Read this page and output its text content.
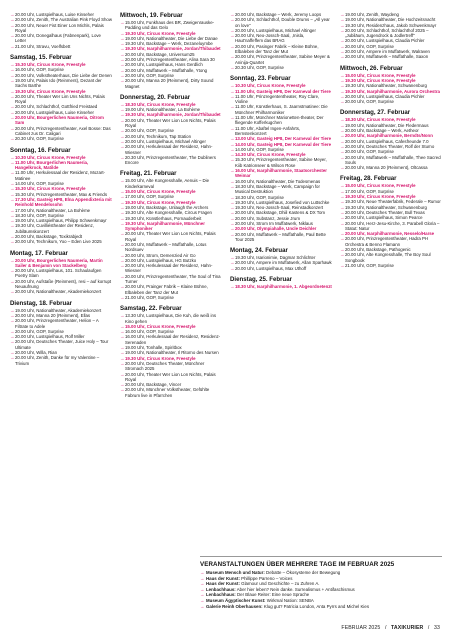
→ 20.00 Uhr, Lustspielhaus, Luise Kinseher
→ 20.00 Uhr, Zenith, The Australian Pink Floyd Show
→ 20.00 Uhr, Neuer Fist Einer Lon Michls, Palais Royal
→ 20.00 Uhr, Donegalhaus (Fabnenpark), Love Letter
→ 21.00 Uhr, Stravu, Voelfsbett
Samstag, 15. Februar
→ 15.30 Uhr, Circus Krone, Freestyle
→ 16.00 Uhr, GOP, Surprise
→ 20.00 Uhr, Volkstheaterhaus, Die Liebe der Denen
→ 19.00 Uhr, Palais Ido (Reinment), Dezant der Sachs Barthe
→ 19.30 Uhr, Circus Krone, Freestyle
→ 20.00 Uhr, Theater Wer Lim Uns Nichts, Palais Royal
→ 20.00 Uhr, Schlachthof, Gottfried Freistaed
→ 20.00 Uhr, Lustspielhaus, Luise Kinseher
→ 20.00 Uhr, Bourgerlichen Naumeria, Oitrom Sam
→ 20.00 Uhr, Prinzregententheater, Axel Bosse: Das Cabinet zus Dr. Caligari
→ 20.30 Uhr, GOP, Surprise
Sonntag, 16. Februar
→ 10.30 Uhr, Circus Krone, Freestyle
→ 11.00 Uhr, Bourgerlichen Naumeria, Hangelkrock, Matilde
→ 11.00 Uhr, Herkulessaal der Residenz, Mozart-Matinee
→ 14.00 Uhr, GOP, Surprise
→ 15.30 Uhr, Circus Krone, Freestyle
→ 15.30 Uhr, Prinzregententheater, Max & Friends
→ 17.30 Uhr, Gasteig HP8, Elna Appendixteria mit Reinhold Mendelssohn
→ 17.00 Uhr, Nationaltheater, La Bohème
→ 18.30 Uhr, GOP, Surprise
→ 19.00 Uhr, Lustspielhaus, Philipp Schwenkmayr
→ 19.30 Uhr, Cuvilliéstheater der Residenz, Jubiläumskonzert
→ 20.00 Uhr, Backstage, Toxikrabjedt
→ 20.00 Uhr, Technikum, Yoo – Eden Live 2025
Montag, 17. Februar
→ 20.00 Uhr, Bourgerlichen Naumeria, Martin Sailer & Benjamin von Stackelberg
→ 20.00 Uhr, Lustspielhaus, 101. Schaulaufgen Poetry Slam
→ 20.00 Uhr, Aufstaße (Reinment), resi – auf korrupt Neuaufnung
→ 20.00 Uhr, Nationaltheater, Akademiekonzert
Dienstag, 18. Februar
→ 19.00 Uhr, Nationaltheater, Akademiekonzert
→ 20.00 Uhr, Manna 20 (Reinment), Ellas
→ 20.00 Uhr, Prinzregententheater, Helion – A Filtrate to Adele
→ 20.00 Uhr, GOP, Surprise
→ 20.00 Uhr, Lustspielhaus, Rolf Miller
→ 20.00 Uhr, Deutsches Theater, Juice Holy – Tour Ultimate
→ 20.00 Uhr, Willa, Rian
→ 20.00 Uhr, Zenith, Danke für my Valentine – Trivium
Mittwoch, 19. Februar
→ 15.00 Uhr, Funkhaus des BR, Zweigenrauske-Padding und das Gelo
→ 19.30 Uhr, Circus Krone, Freestyle
→ 19.00 Uhr, Nationaltheater, Die Liebe der Danae
→ 19.30 Uhr, Backstage – Werk, Dezaneluymbe
→ 19.30 Uhr, Isarphilharmonie, Jordan/Thibaudet
→ 20.00 Uhr, Backstage, Universum25
→ 20.00 Uhr, Prinzregententheater, Alina Sara 30
→ 20.00 Uhr, Lustspielhaus, Hans Gerdlich
→ 20.00 Uhr, Muffatwerk – Muffathalle, Ytong
→ 20.00 Uhr, GOP, Surprise
→ 20.00 Uhr, Manna 20 (Reinment), Dirty Sound Magnet
Donnerstag, 20. Februar
→ 18.30 Uhr, Circus Krone, Freestyle
→ 19.00 Uhr, Nationaltheater, La Bohème
→ 19.30 Uhr, Isarphilharmonie, Jordan/Thibaudet
→ 20.00 Uhr, Theater Wer Lion Lon Nichts, Palais Royal
→ 20.00 Uhr, GOP, Surprise
→ 20.00 Uhr, Technikum, Tap Station
→ 20.00 Uhr, Lustspielhaus, Michael Altinger
→ 20.00 Uhr, Herkulessaal der Residenz, Hahn-Wiesner
→ 20.30 Uhr, Prinzregententheater, The Dubliners Encore
Freitag, 21. Februar
→ 15.00 Uhr, Alte Kongresshalle, Aenuis – Die Kinderkarneval
→ 15.00 Uhr, Circus Krone, Freestyle
→ 17.00 Uhr, GOP, Surprise
→ 19.30 Uhr, Circus Krone, Freestyle
→ 19.00 Uhr, Backstage, Unlaugh the Archers
→ 19.30 Uhr, Alte Kongresshalle, Circus Fragen
→ 19.30 Uhr, Künstlerhaus, Pornauderbeit
→ 19.30 Uhr, Isarphilharmonie, Münchner Symphoniker
→ 20.00 Uhr, Theater Wer Lion Lon Nichts, Palais Royal
→ 20.00 Uhr, Muffatwerk – Muffathalle, Lotus Nordsuev
→ 20.00 Uhr, Strom, Demenzied Air Go
→ 20.00 Uhr, Lustspielhaus, HG Butzko
→ 20.00 Uhr, Herkulessaal der Residenz, Hahn-Wiesner
→ 20.00 Uhr, Prinzregententheater, The Soul of Tina Turner
→ 20.00 Uhr, Prainger Fabrik – Klaine Bühne, Elbaleben der Tanz der Mut
→ 21.00 Uhr, GOP, Surprise
Samstag, 22. Februar
→ 13.30 Uhr, Lustspielhaus, Die Kuh, die weiß ins Kino gehen
→ 15.00 Uhr, Circus Krone, Freestyle
→ 16.00 Uhr, GOP, Surprise
→ 16.00 Uhr, Herkulessaal der Residenz, Residenz-Serenaden
→ 19.00 Uhr, Tonhalle, Spiritbox
→ 19.00 Uhr, Nationaltheater, Il Ritorno des Nursen
→ 19.30 Uhr, Circus Krone, Freestyle
→ 20.00 Uhr, Deutsches Theater, Münchner Stromach 2025
→ 20.00 Uhr, Theater Wer Lion Lon Nichts, Palais Royal
→ 20.00 Uhr, Backstage, Vincer
→ 20.00 Uhr, Münchner Volkstheater, Gefühlte Fabrum live in Pfarrchen
→ 20.00 Uhr, Backstage – Werk, Jeremy Loops
→ 20.00 Uhr, Schlachthof, Double Drums – „All year on love"
→ 20.00 Uhr, Lustspielhaus, Michael Altinger
→ 20.00 Uhr, Neo-Jossch-Saal, ,Inisla, Haut'naffeffem das BRAG
→ 20.00 Uhr, Pasinger Fabrik – Kleine Bühne, Elbaleben der Tanz der Mut
→ 20.00 Uhr, Prinzregententheater, Sabine Meyer & Aninija-Quartet
→ 20.30 Uhr, GOP, Surprise
Sonntag, 23. Februar
→ 10.30 Uhr, Circus Krone, Freestyle
→ 11.00 Uhr, Gasteig HP8, Der Karneval der Tiere
→ 11.00 Uhr, Prinzregententheater, Roy Clare, Violine
→ 11.00 Uhr, Künstlerhaus, S. Jaarnstmatinee: Die Münchner Philharmoniker
→ 11.00 Uhr, Münchner Marionetten-theater, Der fliegende Kofferkugchen
→ 11.00 Uhr, Abaftel Ingen-Anfahrts, Bernstenkonzert
→ 13.00 Uhr, Gasteig HP8, Der Karneval der Tiere
→ 14.00 Uhr, Gasteig HP8, Der Karneval der Tiere
→ 14.00 Uhr, GOP, Surprise
→ 14.30 Uhr, Circus Krone, Freestyle
→ 15.30 Uhr, Prinzregententheater, Sabine Meyer, Kiib Katrionseer & Wilson Rose
→ 16.00 Uhr, Isarphilharmonie, Staatsorchester Weimar
→ 16.00 Uhr, Nationaltheater, Die Todesmenas
→ 18.30 Uhr, Backstage – Werk, Campaign for Musical Destruktion
→ 18.30 Uhr, GOP, Surprise
→ 19.30 Uhr, Lustspielhaus, Josefied von Luttschke
→ 19.30 Uhr, Neo-Jossch-Saal, Reinstadkonzert
→ 20.00 Uhr, Backstage, Dhiil Kastens & DX Tom
→ 20.00 Uhr, Substanz, Jessie Jrum
→ 20.00 Uhr, Strom Im Muffatwerk, Niklaus
→ 20.00 Uhr, Olympiahalle, Uncle Deichler
→ 20.00 Uhr, Muffatwerk – Muffathalle, Paul Bette Tour 2025
Montag, 24. Februar
→ 19.30 Uhr, Isarionimie, Dagmar Schlichter
→ 20.00 Uhr, Ampere im Muffatwerk, Allan Sparhawk
→ 20.00 Uhr, Lustspielhaus, Max Uthoff
Dienstag, 25. Februar
→ 18.30 Uhr, Isarphilharmonie, 1. Abgeordnetenzt
→ 19.00 Uhr, Zenith, Waydeng
→ 19.00 Uhr, Nationaltheater, Die Hochzeitsnacht
→ 19.30 Uhr, Residenzhaus, Jakob Schwenkmayr
→ 20.00 Uhr, Schlachthof, Schlachthof 2025 – „Jubiläum, Jugendrock & Jodlertreff"
→ 20.00 Uhr, Lustspielhaus, Claudia Pichler
→ 20.00 Uhr, GOP, Surprise
→ 20.00 Uhr, Ampere im Muffatwerk, Walraven
→ 20.00 Uhr, Muffatwerk – Muffathalle, Saxon
Mittwoch, 26. Februar
→ 15.00 Uhr, Circus Krone, Freestyle
→ 19.30 Uhr, Circus Krone, Freestyle
→ 19.30 Uhr, Nationaltheater, Schwanenburg
→ 19.30 Uhr, Isarphilharmonie, Aurora Orchestra
→ 20.00 Uhr, Lustspielhaus, Claudia Pichler
→ 20.00 Uhr, GOP, Surprise
Donnerstag, 27. Februar
→ 18.30 Uhr, Circus Krone, Freestyle
→ 19.00 Uhr, Nationaltheater, Die Fledermaus
→ 20.00 Uhr, Backstage – Werk, Aetheor
→ 20.00 Uhr, Isarphilharmonie, Berndts/Nonn
→ 20.00 Uhr, Lustspielhaus, Cafesfreunde 7.0
→ 20.00 Uhr, Deutsches Theater, Rolf der Sturno
→ 20.00 Uhr, GOP, Surprise
→ 20.00 Uhr, Muffatwerk – Muffathalle, Thee Sacred Souls
→ 20.00 Uhr, Manna 20 (Reinment), Oltcassa
Freitag, 28. Februar
→ 15.00 Uhr, Circus Krone, Freestyle
→ 17.00 Uhr, GOP, Surprise
→ 19.30 Uhr, Circus Krone, Freestyle
→ 19.30 Uhr, Neue Theaterfabrik, Federale – Rumor
→ 19.30 Uhr, Nationaltheater, Schwanenburg
→ 20.00 Uhr, Deutsches Theater, Bull Texas
→ 20.00 Uhr, Lustspielhaus, Simon Pearce
→ 20.00 Uhr, Herz-Jesu-Kirche, 3. Parabell Gloria – Statut: Natur
→ 20.00 Uhr, Isarphilharmonie, Nesselo/Harse
→ 20.00 Uhr, Prinzregententheater, Hadra PH Orchestra & Benno Flamann
→ 20.00 Uhr, Backstage, Pathogenic
→ 20.00 Uhr, Alte Kongresshalle, The Boy Soul Songbook
→ 21.00 Uhr, GOP, Surprise
VERANSTALTUNGEN ÜBER MEHRERE TAGE IM FEBRUAR 2025
→ Museum Mensch und Natur: Debatte – Ökosysteme der Bewegung
→ Haus der Kunst: Phillippe Parreno – Voices
→ Haus der Kunst: Glamour und Geschichte – zu Zuhren A.
→ Lenbachhaus: Aber hier leben? Nein danke. Surrealismus + Antifaschismus
→ Lenbachhaus: Der Blaue Reiter: Eine neue Sprache
→ Museum Ägyptischer Kunst: Wirkmal Nation: SENBA
→ Galerie Reinh Oberhausen: Klug gut? Patricia London, Anta Pyrrs and Michel Kies
FEBRUAR 2025 / TAXIKURIER / 33
